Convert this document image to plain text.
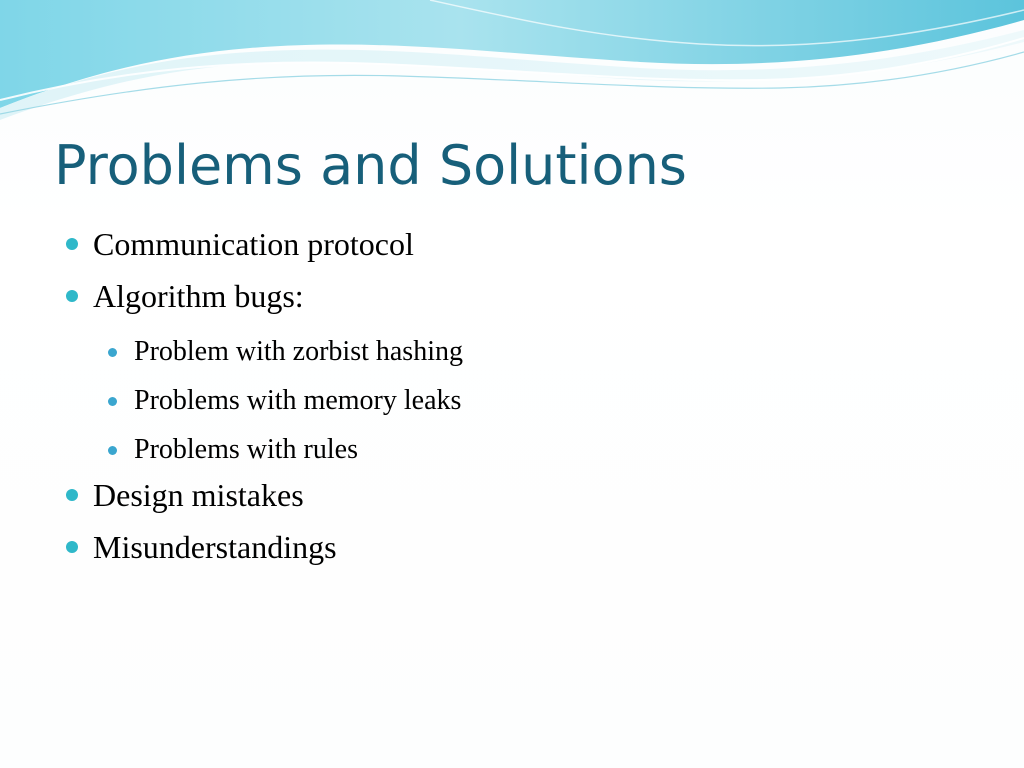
Problems and Solutions
Communication protocol
Algorithm bugs:
Problem with zorbist hashing
Problems with memory leaks
Problems with rules
Design mistakes
Misunderstandings
